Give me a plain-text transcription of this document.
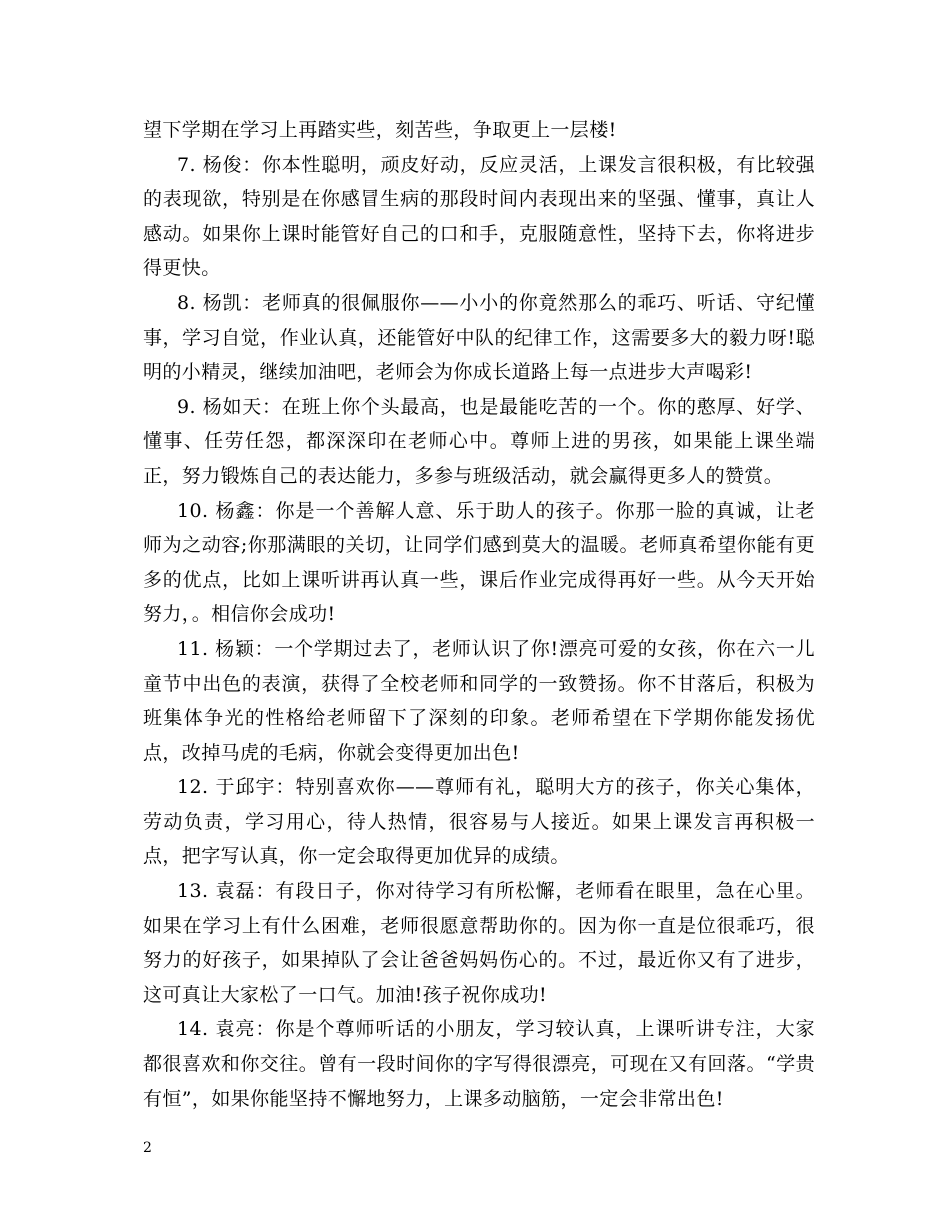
望下学期在学习上再踏实些，刻苦些，争取更上一层楼!

7. 杨俊：你本性聪明，顽皮好动，反应灵活，上课发言很积极，有比较强的表现欲，特别是在你感冒生病的那段时间内表现出来的坚强、懂事，真让人感动。如果你上课时能管好自己的口和手，克服随意性，坚持下去，你将进步得更快。

8. 杨凯：老师真的很佩服你——小小的你竟然那么的乖巧、听话、守纪懂事，学习自觉，作业认真，还能管好中队的纪律工作，这需要多大的毅力呀!聪明的小精灵，继续加油吧，老师会为你成长道路上每一点进步大声喝彩!

9. 杨如天：在班上你个头最高，也是最能吃苦的一个。你的憨厚、好学、懂事、任劳任怨，都深深印在老师心中。尊师上进的男孩，如果能上课坐端正，努力锻炼自己的表达能力，多参与班级活动，就会赢得更多人的赞赏。

10. 杨鑫：你是一个善解人意、乐于助人的孩子。你那一脸的真诚，让老师为之动容;你那满眼的关切，让同学们感到莫大的温暖。老师真希望你能有更多的优点，比如上课听讲再认真一些，课后作业完成得再好一些。从今天开始努力，。相信你会成功!

11. 杨颖：一个学期过去了，老师认识了你!漂亮可爱的女孩，你在六一儿童节中出色的表演，获得了全校老师和同学的一致赞扬。你不甘落后，积极为班集体争光的性格给老师留下了深刻的印象。老师希望在下学期你能发扬优点，改掉马虎的毛病，你就会变得更加出色!

12. 于邱宇：特别喜欢你——尊师有礼，聪明大方的孩子，你关心集体，劳动负责，学习用心，待人热情，很容易与人接近。如果上课发言再积极一点，把字写认真，你一定会取得更加优异的成绩。

13. 袁磊：有段日子，你对待学习有所松懈，老师看在眼里，急在心里。如果在学习上有什么困难，老师很愿意帮助你的。因为你一直是位很乖巧，很努力的好孩子，如果掉队了会让爸爸妈妈伤心的。不过，最近你又有了进步，这可真让大家松了一口气。加油!孩子祝你成功!

14. 袁亮：你是个尊师听话的小朋友，学习较认真，上课听讲专注，大家都很喜欢和你交往。曾有一段时间你的字写得很漂亮，可现在又有回落。“学贵有恒”，如果你能坚持不懈地努力，上课多动脑筋，一定会非常出色!

2
